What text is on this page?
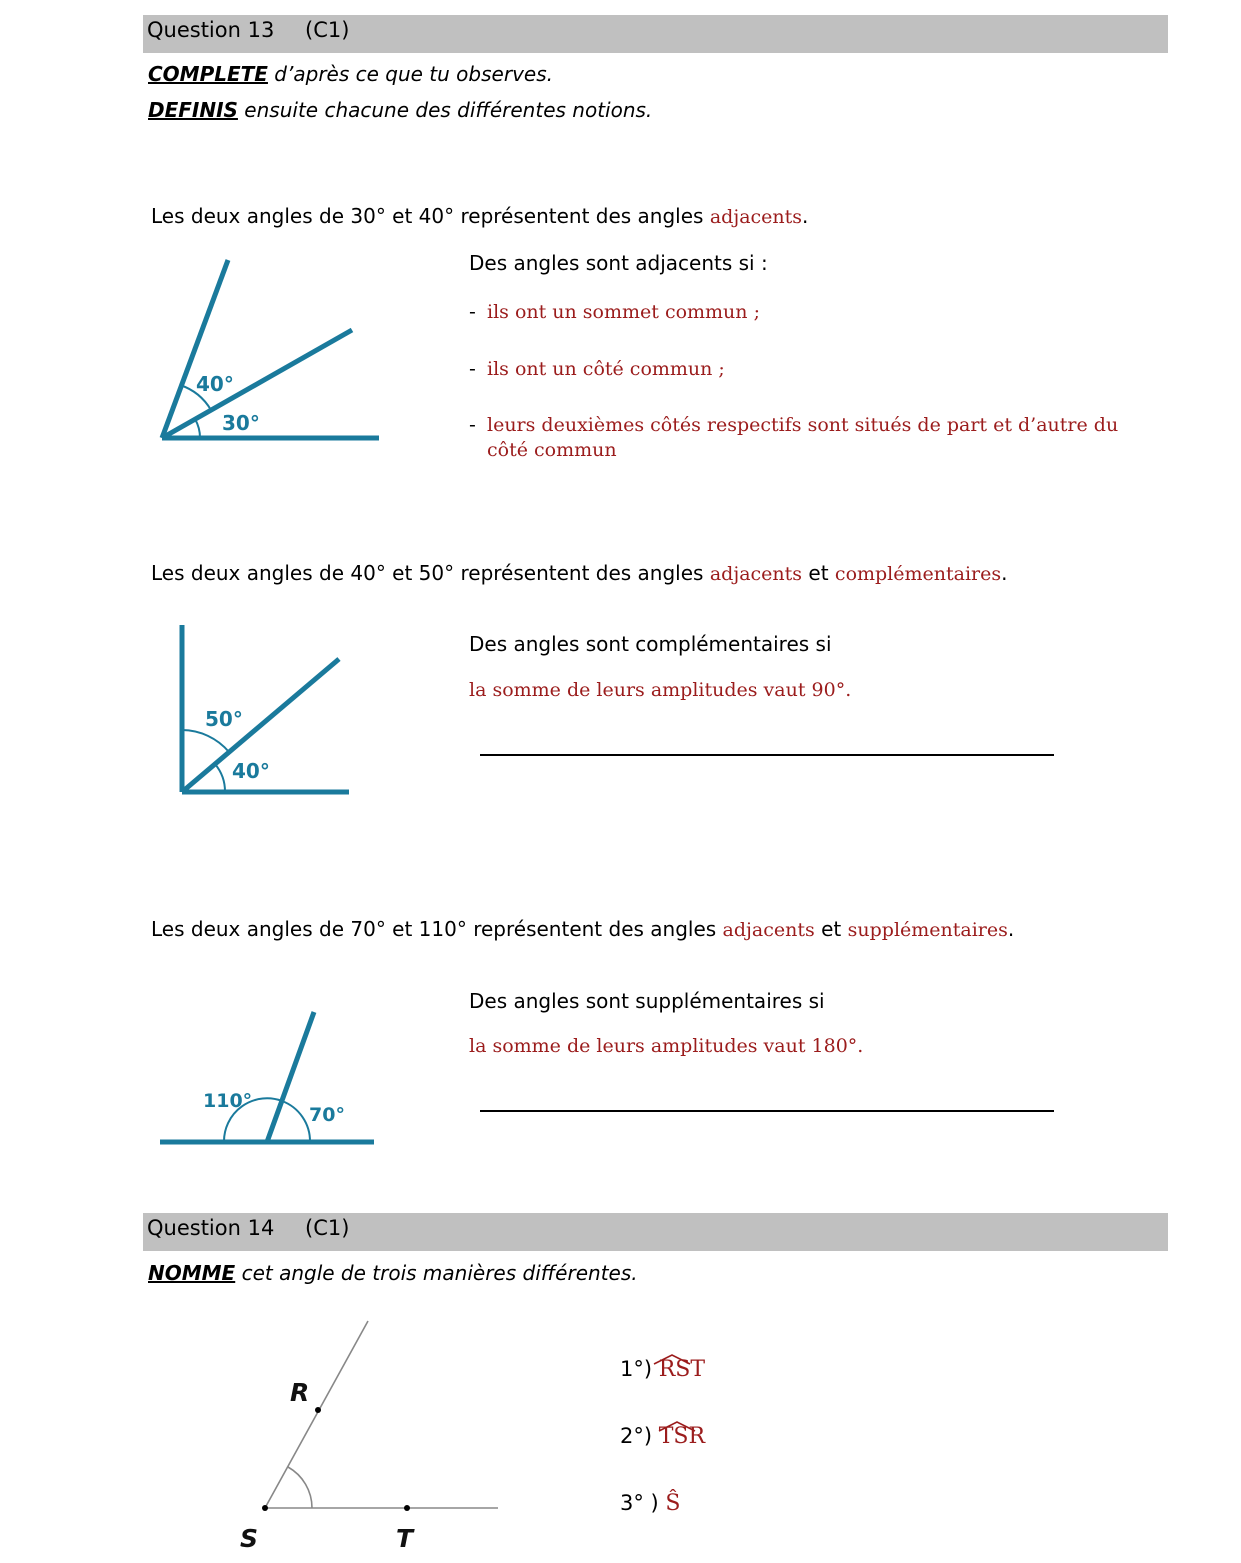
Question 13 (C1)
COMPLETE d’après ce que tu observes.
DEFINIS ensuite chacune des différentes notions.
Les deux angles de 30° et 40° représentent des angles adjacents.
40°
30°
Des angles sont adjacents si :
- ils ont un sommet commun ;
- ils ont un côté commun ;
- leurs deuxièmes côtés respectifs sont situés de part et d’autre du
côté commun
Les deux angles de 40° et 50° représentent des angles adjacents et complémentaires.
50°
40°
Des angles sont complémentaires si
la somme de leurs amplitudes vaut 90°.
Les deux angles de 70° et 110° représentent des angles adjacents et supplémentaires.
110°
70°
Des angles sont supplémentaires si
la somme de leurs amplitudes vaut 180°.
Question 14 (C1)
NOMME cet angle de trois manières différentes.
R
S	T
1°) RST
2°) TSR
3° ) Ŝ
